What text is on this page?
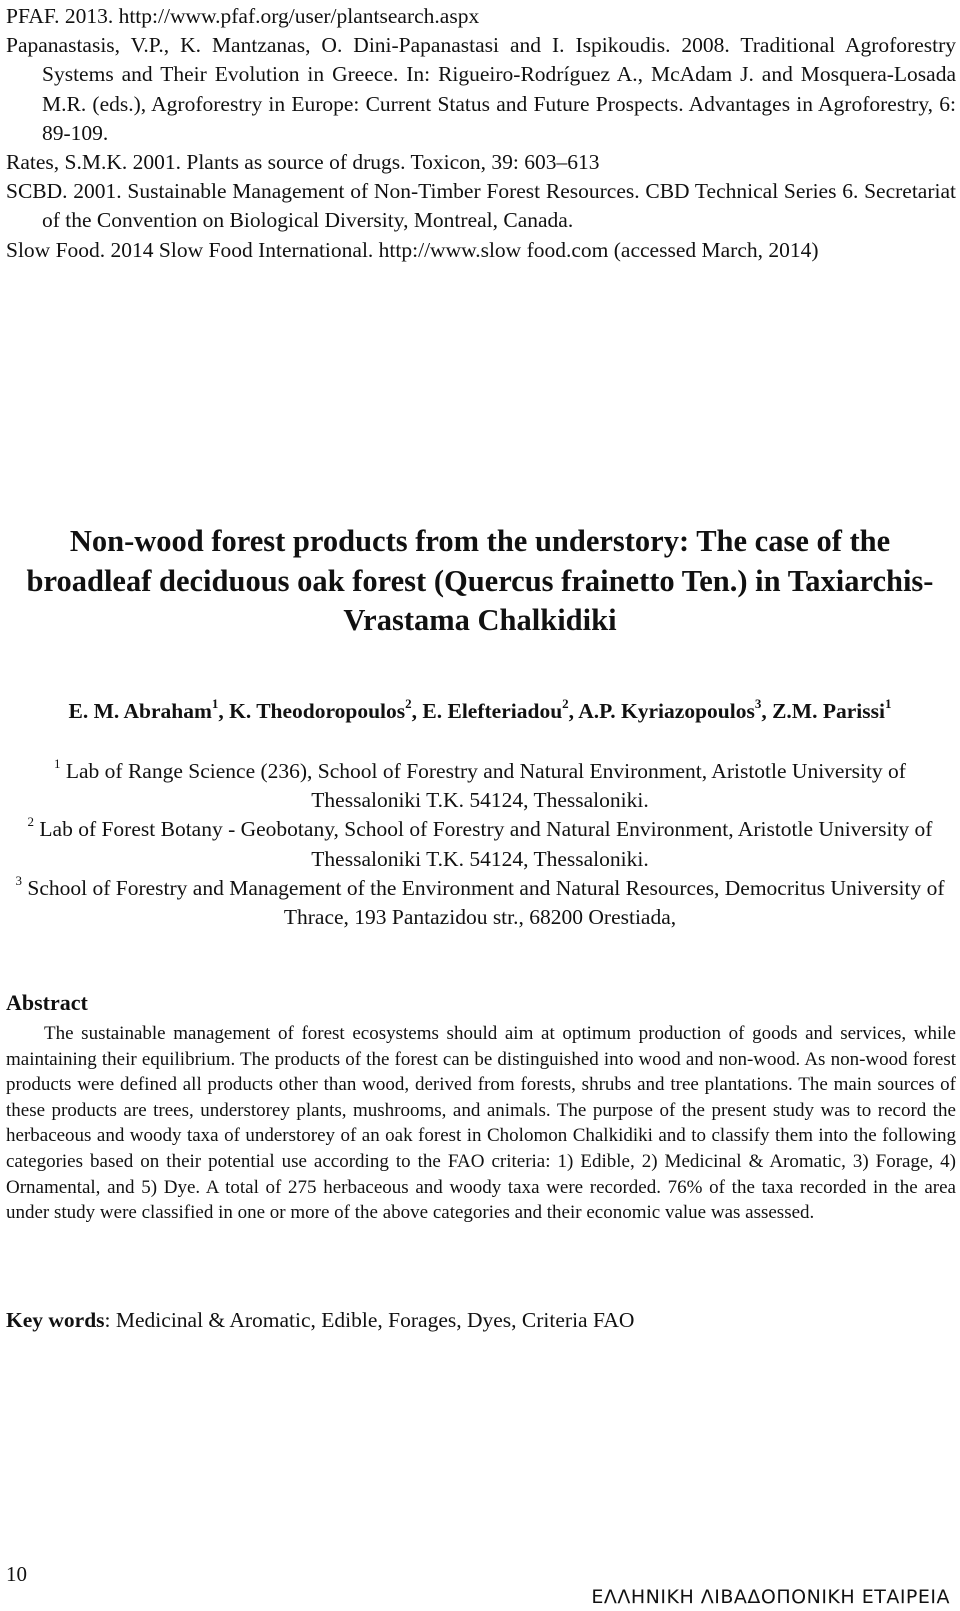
PFAF. 2013. http://www.pfaf.org/user/plantsearch.aspx

Papanastasis, V.P., K. Mantzanas, O. Dini-Papanastasi and I. Ispikoudis. 2008. Traditional Agroforestry Systems and Their Evolution in Greece. In: Rigueiro-Rodríguez A., McAdam J. and Mosquera-Losada M.R. (eds.), Agroforestry in Europe: Current Status and Future Prospects. Advantages in Agroforestry, 6: 89-109.

Rates, S.M.K. 2001. Plants as source of drugs. Toxicon, 39: 603–613

SCBD. 2001. Sustainable Management of Non-Timber Forest Resources. CBD Technical Series 6. Secretariat of the Convention on Biological Diversity, Montreal, Canada.

Slow Food. 2014 Slow Food International. http://www.slow food.com (accessed March, 2014)

Non-wood forest products from the understory: The case of the broadleaf deciduous oak forest (Quercus frainetto Ten.) in Taxiarchis-Vrastama Chalkidiki

E. M. Abraham$^1$, K. Theodoropoulos$^2$, E. Elefteriadou$^2$, A.P. Kyriazopoulos$^3$, Z.M. Parissi$^1$

$^1$ Lab of Range Science (236), School of Forestry and Natural Environment, Aristotle University of Thessaloniki T.K. 54124, Thessaloniki.

$^2$ Lab of Forest Botany - Geobotany, School of Forestry and Natural Environment, Aristotle University of Thessaloniki T.K. 54124, Thessaloniki.

$^3$ School of Forestry and Management of the Environment and Natural Resources, Democritus University of Thrace, 193 Pantazidou str., 68200 Orestiada,

Abstract

The sustainable management of forest ecosystems should aim at optimum production of goods and services, while maintaining their equilibrium. The products of the forest can be distinguished into wood and non-wood. As non-wood forest products were defined all products other than wood, derived from forests, shrubs and tree plantations. The main sources of these products are trees, understorey plants, mushrooms, and animals. The purpose of the present study was to record the herbaceous and woody taxa of understorey of an oak forest in Cholomon Chalkidiki and to classify them into the following categories based on their potential use according to the FAO criteria: 1) Edible, 2) Medicinal & Aromatic, 3) Forage, 4) Ornamental, and 5) Dye. A total of 275 herbaceous and woody taxa were recorded. 76% of the taxa recorded in the area under study were classified in one or more of the above categories and their economic value was assessed.

Key words: Medicinal & Aromatic, Edible, Forages, Dyes, Criteria FAO

10

ΕΛΛΗΝΙΚΗ ΛΙΒΑΔΟΠΟΝΙΚΗ ΕΤΑΙΡΕΙΑ
